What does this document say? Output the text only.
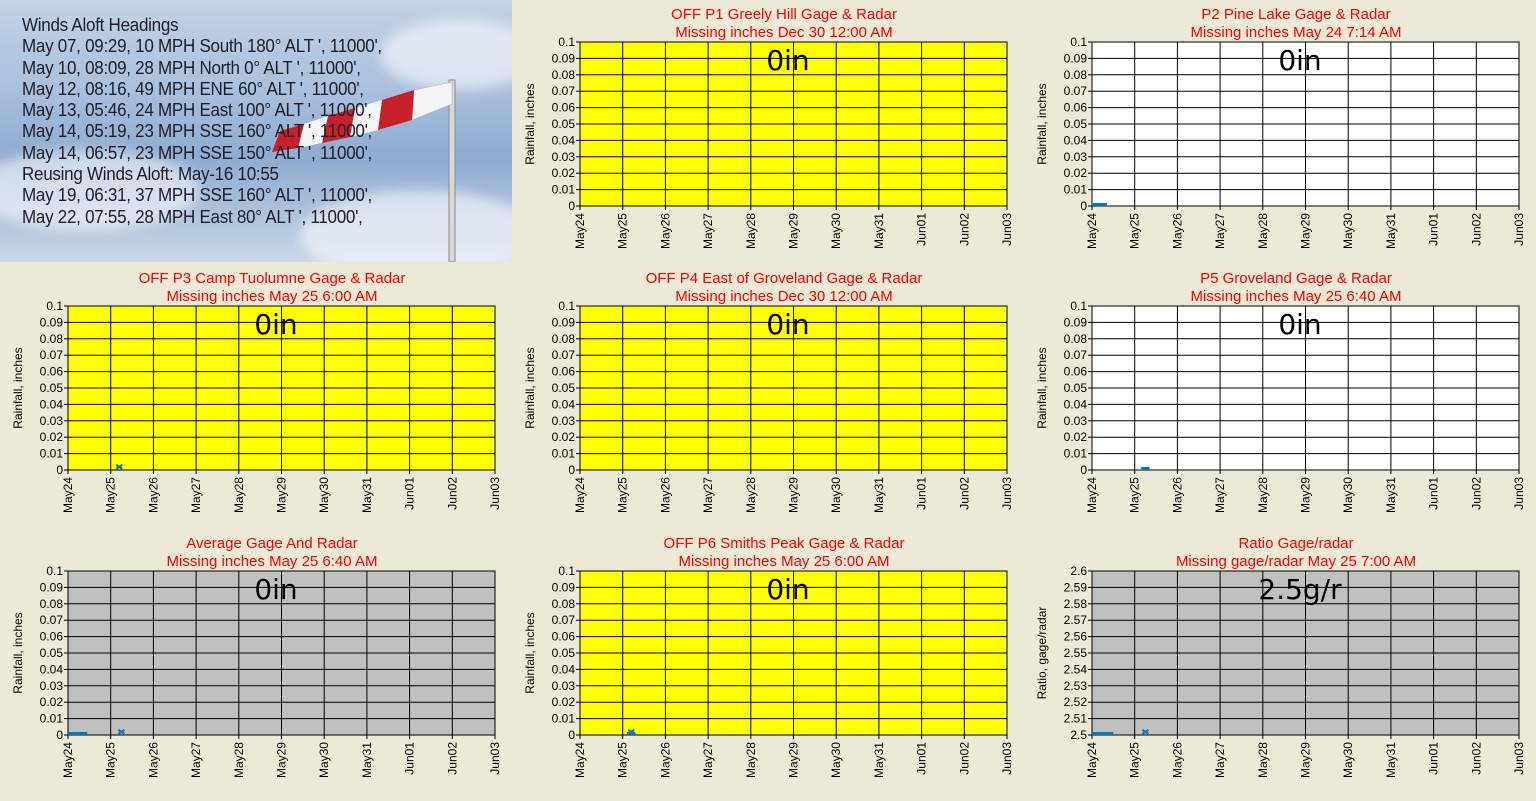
Winds Aloft Headings
May 07, 09:29, 10 MPH South 180° ALT ', 11000',
May 10, 08:09, 28 MPH North 0° ALT ', 11000',
May 12, 08:16, 49 MPH ENE 60° ALT ', 11000',
May 13, 05:46, 24 MPH East 100° ALT ', 11000',
May 14, 05:19, 23 MPH SSE 160° ALT ', 11000',
May 14, 06:57, 23 MPH SSE 150° ALT ', 11000',
Reusing Winds Aloft: May-16 10:55
May 19, 06:31, 37 MPH SSE 160° ALT ', 11000',
May 22, 07:55, 28 MPH East 80° ALT ', 11000',
OFF P1 Greely Hill Gage & Radar
Missing inches Dec 30 12:00 AM
0
0.01
0.02
0.03
0.04
0.05
0.06
0.07
0.08
0.09
0.1
May24 May25 May26 May27 May28 May29 May30 May31 Jun01 Jun02 Jun03
Rainfall, inches
0in
P2 Pine Lake Gage & Radar
Missing inches May 24 7:14 AM
0
0.01
0.02
0.03
0.04
0.05
0.06
0.07
0.08
0.09
0.1
May24 May25 May26 May27 May28 May29 May30 May31 Jun01 Jun02 Jun03
Rainfall, inches
0in
OFF P3 Camp Tuolumne Gage & Radar
Missing inches May 25 6:00 AM
0
0.01
0.02
0.03
0.04
0.05
0.06
0.07
0.08
0.09
0.1
May24 May25 May26 May27 May28 May29 May30 May31 Jun01 Jun02 Jun03
Rainfall, inches
0in
OFF P4 East of Groveland Gage & Radar
Missing inches Dec 30 12:00 AM
0
0.01
0.02
0.03
0.04
0.05
0.06
0.07
0.08
0.09
0.1
May24 May25 May26 May27 May28 May29 May30 May31 Jun01 Jun02 Jun03
Rainfall, inches
0in
P5 Groveland Gage & Radar
Missing inches May 25 6:40 AM
0
0.01
0.02
0.03
0.04
0.05
0.06
0.07
0.08
0.09
0.1
May24 May25 May26 May27 May28 May29 May30 May31 Jun01 Jun02 Jun03
Rainfall, inches
0in
Average Gage And Radar
Missing inches May 25 6:40 AM
0
0.01
0.02
0.03
0.04
0.05
0.06
0.07
0.08
0.09
0.1
May24 May25 May26 May27 May28 May29 May30 May31 Jun01 Jun02 Jun03
Rainfall, inches
0in
OFF P6 Smiths Peak Gage & Radar
Missing inches May 25 6:00 AM
0
0.01
0.02
0.03
0.04
0.05
0.06
0.07
0.08
0.09
0.1
May24 May25 May26 May27 May28 May29 May30 May31 Jun01 Jun02 Jun03
Rainfall, inches
0in
Ratio Gage/radar
Missing gage/radar May 25 7:00 AM
2.5
2.51
2.52
2.53
2.54
2.55
2.56
2.57
2.58
2.59
2.6
May24 May25 May26 May27 May28 May29 May30 May31 Jun01 Jun02 Jun03
Ratio, gage/radar
2.5g/r
